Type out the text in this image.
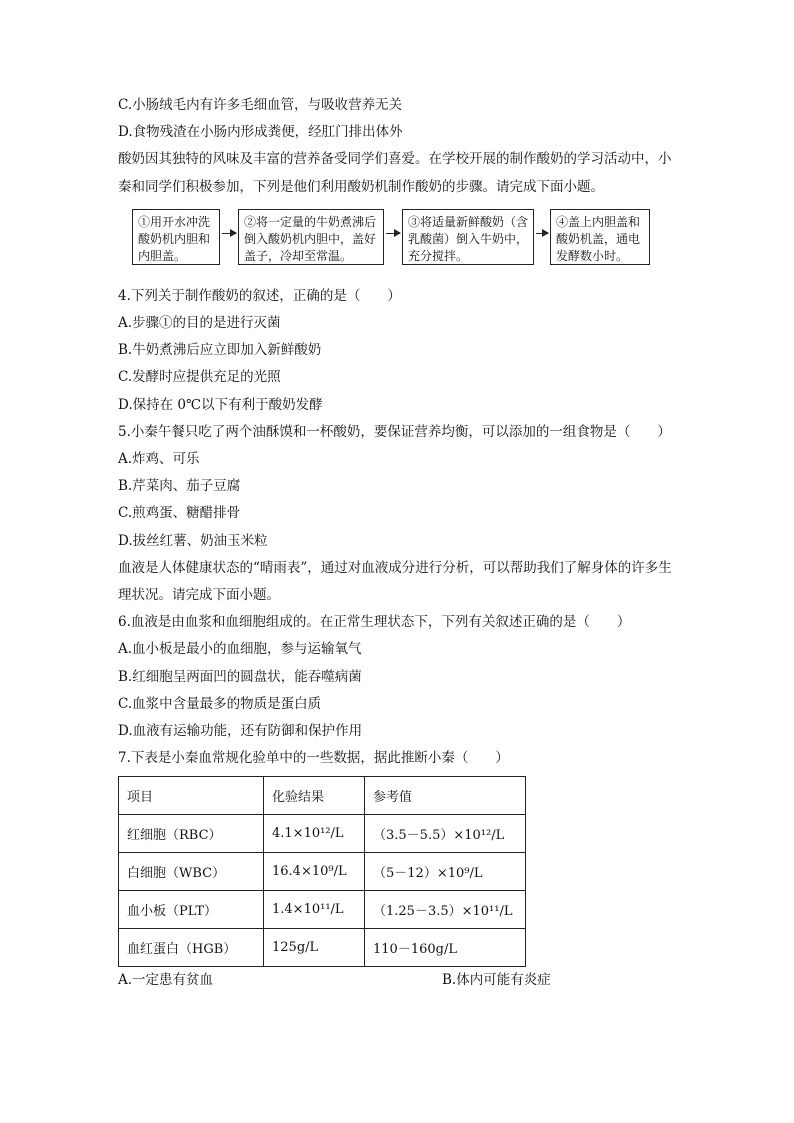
C.小肠绒毛内有许多毛细血管，与吸收营养无关
D.食物残渣在小肠内形成粪便，经肛门排出体外
酸奶因其独特的风味及丰富的营养备受同学们喜爱。在学校开展的制作酸奶的学习活动中，小秦和同学们积极参加，下列是他们利用酸奶机制作酸奶的步骤。请完成下面小题。
①用开水冲洗酸奶机内胆和内胆盖。
②将一定量的牛奶煮沸后倒入酸奶机内胆中，盖好盖子，冷却至常温。
③将适量新鲜酸奶（含乳酸菌）倒入牛奶中，充分搅拌。
④盖上内胆盖和酸奶机盖，通电发酵数小时。
4.下列关于制作酸奶的叙述，正确的是（　　）
A.步骤①的目的是进行灭菌
B.牛奶煮沸后应立即加入新鲜酸奶
C.发酵时应提供充足的光照
D.保持在 0℃以下有利于酸奶发酵
5.小秦午餐只吃了两个油酥馍和一杯酸奶，要保证营养均衡，可以添加的一组食物是（　　）
A.炸鸡、可乐
B.芹菜肉、茄子豆腐
C.煎鸡蛋、糖醋排骨
D.拔丝红薯、奶油玉米粒
血液是人体健康状态的“晴雨表”，通过对血液成分进行分析，可以帮助我们了解身体的许多生理状况。请完成下面小题。
6.血液是由血浆和血细胞组成的。在正常生理状态下，下列有关叙述正确的是（　　）
A.血小板是最小的血细胞，参与运输氧气
B.红细胞呈两面凹的圆盘状，能吞噬病菌
C.血浆中含量最多的物质是蛋白质
D.血液有运输功能，还有防御和保护作用
7.下表是小秦血常规化验单中的一些数据，据此推断小秦（　　）
项目	化验结果	参考值
红细胞（RBC）	4.1×10¹²/L	（3.5－5.5）×10¹²/L
白细胞（WBC）	16.4×10⁹/L	（5－12）×10⁹/L
血小板（PLT）	1.4×10¹¹/L	（1.25－3.5）×10¹¹/L
血红蛋白（HGB）	125g/L	110－160g/L
A.一定患有贫血	B.体内可能有炎症
